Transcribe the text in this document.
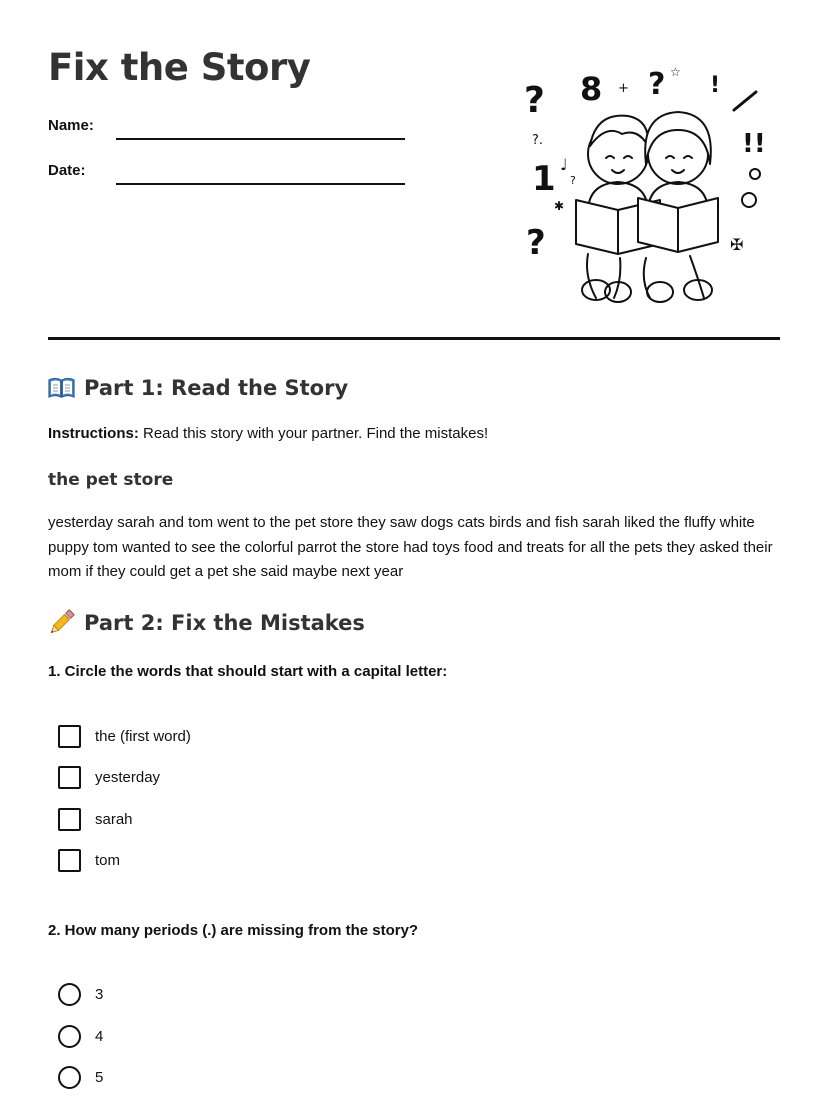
Fix the Story
Name:
Date:
? 8 ? !
1
?
?.	!!
♩
?
+
☆
✠
✱
Part 1: Read the Story
Instructions: Read this story with your partner. Find the mistakes!
the pet store
yesterday sarah and tom went to the pet store they saw dogs cats birds and fish sarah liked the fluffy white puppy tom wanted to see the colorful parrot the store had toys food and treats for all the pets they asked their mom if they could get a pet she said maybe next year
Part 2: Fix the Mistakes
1. Circle the words that should start with a capital letter:
the (first word)
yesterday
sarah
tom
2. How many periods (.) are missing from the story?
3
4
5
